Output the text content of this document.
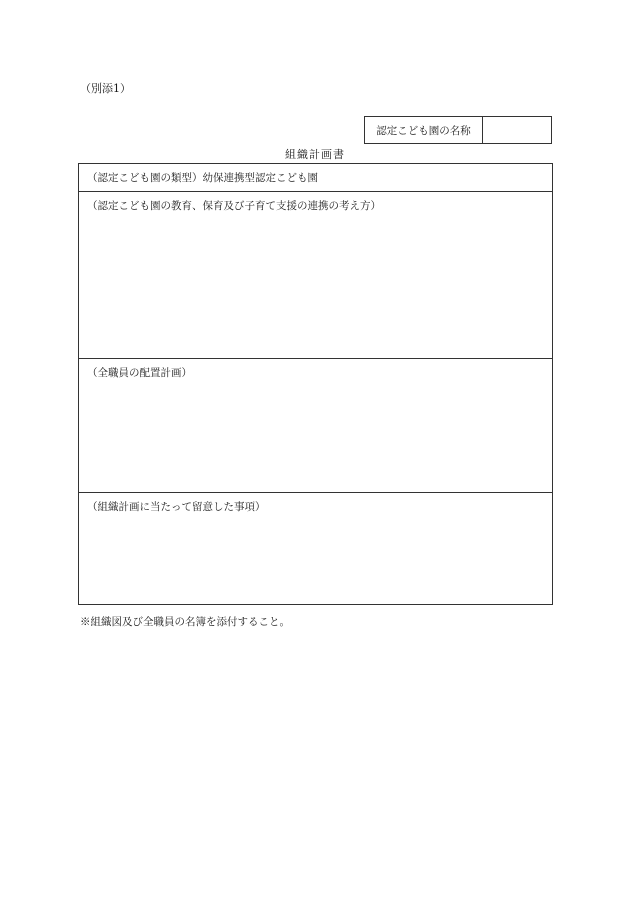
（別添1）
認定こども園の名称
組織計画書
（認定こども園の類型）幼保連携型認定こども園
（認定こども園の教育、保育及び子育て支援の連携の考え方）
（全職員の配置計画）
（組織計画に当たって留意した事項）
※組織図及び全職員の名簿を添付すること。
